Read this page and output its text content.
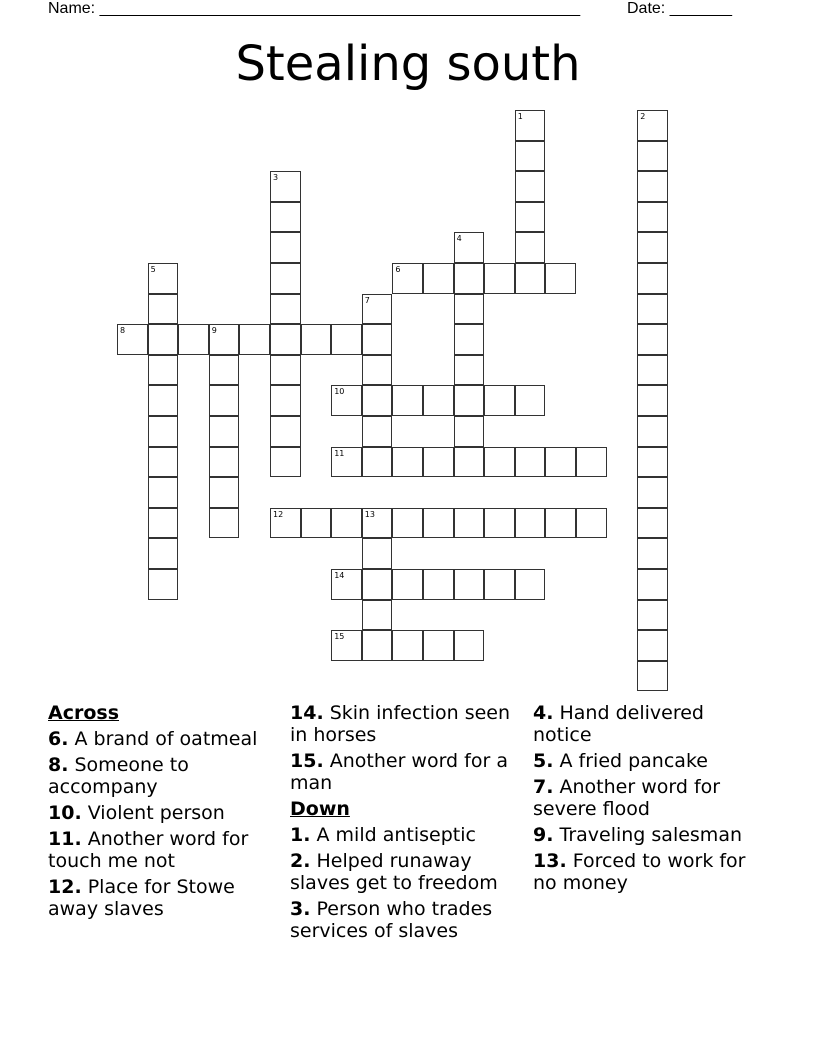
Name: ______________________________________________________	Date: _______
Stealing south
1	2
3
4
5	6
7
8	9
10
11
12	13
14
15
Across
6. A brand of oatmeal
8. Someone to accompany
10. Violent person
11. Another word for touch me not
12. Place for Stowe away slaves
14. Skin infection seen in horses
15. Another word for a man
Down
1. A mild antiseptic
2. Helped runaway slaves get to freedom
3. Person who trades services of slaves
4. Hand delivered notice
5. A fried pancake
7. Another word for severe flood
9. Traveling salesman
13. Forced to work for no money
